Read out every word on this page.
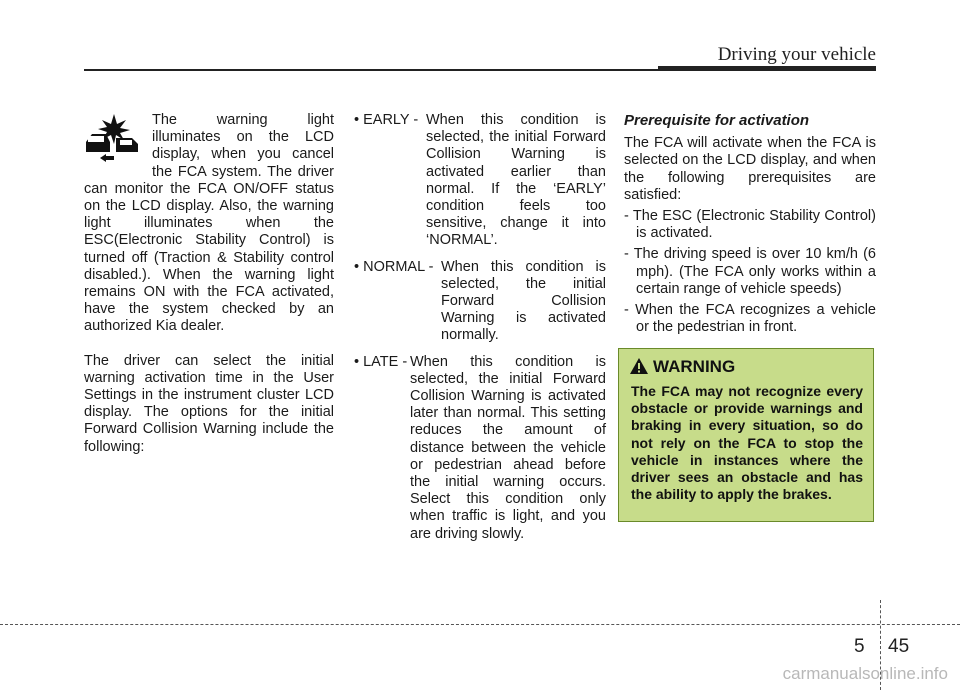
Driving your vehicle

The warning light illuminates on the LCD display, when you cancel the FCA system. The driver can monitor the FCA ON/OFF status on the LCD display. Also, the warning light illuminates when the ESC(Electronic Stability Control) is turned off (Traction & Stability control disabled.). When the warning light remains ON with the FCA activated, have the system checked by an authorized Kia dealer.

The driver can select the initial warning activation time in the User Settings in the instrument cluster LCD display. The options for the initial Forward Collision Warning include the following:

• EARLY - When this condition is selected, the initial Forward Collision Warning is activated earlier than normal. If the ‘EARLY’ condition feels too sensitive, change it into ‘NORMAL’.
• NORMAL - When this condition is selected, the initial Forward Collision Warning is activated normally.
• LATE - When this condition is selected, the initial Forward Collision Warning is activated later than normal. This setting reduces the amount of distance between the vehicle or pedestrian ahead before the initial warning occurs. Select this condition only when traffic is light, and you are driving slowly.
Prerequisite for activation

The FCA will activate when the FCA is selected on the LCD display, and when the following prerequisites are satisfied:

- The ESC (Electronic Stability Control) is activated.
- The driving speed is over 10 km/h (6 mph). (The FCA only works within a certain range of vehicle speeds)
- When the FCA recognizes a vehicle or the pedestrian in front.
WARNING
The FCA may not recognize every obstacle or provide warnings and braking in every situation, so do not rely on the FCA to stop the vehicle in instances where the driver sees an obstacle and has the ability to apply the brakes.
5 45
carmanualsonline.info
